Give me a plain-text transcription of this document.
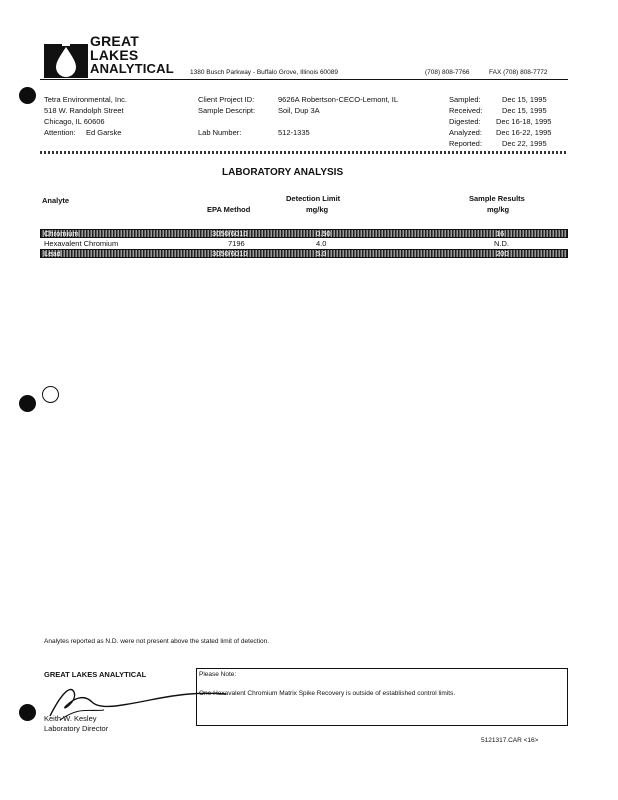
GREAT
LAKES
ANALYTICAL 1380 Busch Parkway - Buffalo Grove, Illinois 60089	(708) 808-7766	FAX (708) 808-7772
Tetra Environmental, Inc.
518 W. Randolph Street
Chicago, IL 60606
Attention: Ed Garske
Client Project ID:	9626A Robertson-CECO-Lemont, IL
Sample Descript:	Soil, Dup 3A
Lab Number:	512-1335
Sampled:	Dec 15, 1995
Received:	Dec 15, 1995
Digested: Dec 16-18, 1995
Analyzed: Dec 16-22, 1995
Reported:	Dec 22, 1995
LABORATORY ANALYSIS
Analyte
EPA Method
Detection Limit
mg/kg
Sample Results
mg/kg
Chromium	3050/6010	0.50	16
Hexavalent Chromium	7196	4.0	N.D.
Lead	3050/6010	5.0	200
Analytes reported as N.D. were not present above the stated limit of detection.
GREAT LAKES ANALYTICAL
Keith W. Kesley
Laboratory Director
Please Note:
One Hexavalent Chromium Matrix Spike Recovery is outside of established control limits.
5121317.CAR <16>
